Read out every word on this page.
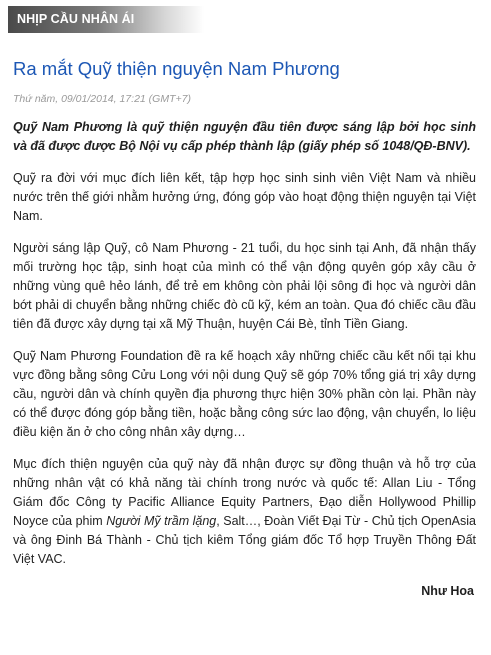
NHỊP CẦU NHÂN ÁI
Ra mắt Quỹ thiện nguyện Nam Phương
Thứ năm, 09/01/2014, 17:21 (GMT+7)

Quỹ Nam Phương là quỹ thiện nguyện đầu tiên được sáng lập bởi học sinh và đã được được Bộ Nội vụ cấp phép thành lập (giấy phép số 1048/QĐ-BNV).

Quỹ ra đời với mục đích liên kết, tập hợp học sinh sinh viên Việt Nam và nhiều nước trên thế giới nhằm hưởng ứng, đóng góp vào hoạt động thiện nguyện tại Việt Nam.

Người sáng lập Quỹ, cô Nam Phương - 21 tuổi, du học sinh tại Anh, đã nhận thấy mối trường học tập, sinh hoạt của mình có thể vận động quyên góp xây cầu ở những vùng quê hẻo lánh, để trẻ em không còn phải lội sông đi học và người dân bớt phải di chuyển bằng những chiếc đò cũ kỹ, kém an toàn. Qua đó chiếc cầu đầu tiên đã được xây dựng tại xã Mỹ Thuận, huyện Cái Bè, tỉnh Tiền Giang.

Quỹ Nam Phương Foundation đề ra kế hoạch xây những chiếc cầu kết nối tại khu vực đồng bằng sông Cửu Long với nội dung Quỹ sẽ góp 70% tổng giá trị xây dựng cầu, người dân và chính quyền địa phương thực hiện 30% phần còn lại. Phần này có thể được đóng góp bằng tiền, hoặc bằng công sức lao động, vận chuyển, lo liệu điều kiện ăn ở cho công nhân xây dựng…

Mục đích thiện nguyện của quỹ này đã nhận được sự đồng thuận và hỗ trợ của những nhân vật có khả năng tài chính trong nước và quốc tế: Allan Liu - Tổng Giám đốc Công ty Pacific Alliance Equity Partners, Đạo diễn Hollywood Phillip Noyce của phim Người Mỹ trầm lặng, Salt…, Đoàn Viết Đại Từ - Chủ tịch OpenAsia và ông Đinh Bá Thành - Chủ tịch kiêm Tổng giám đốc Tổ hợp Truyền Thông Đất Việt VAC.

Như Hoa
